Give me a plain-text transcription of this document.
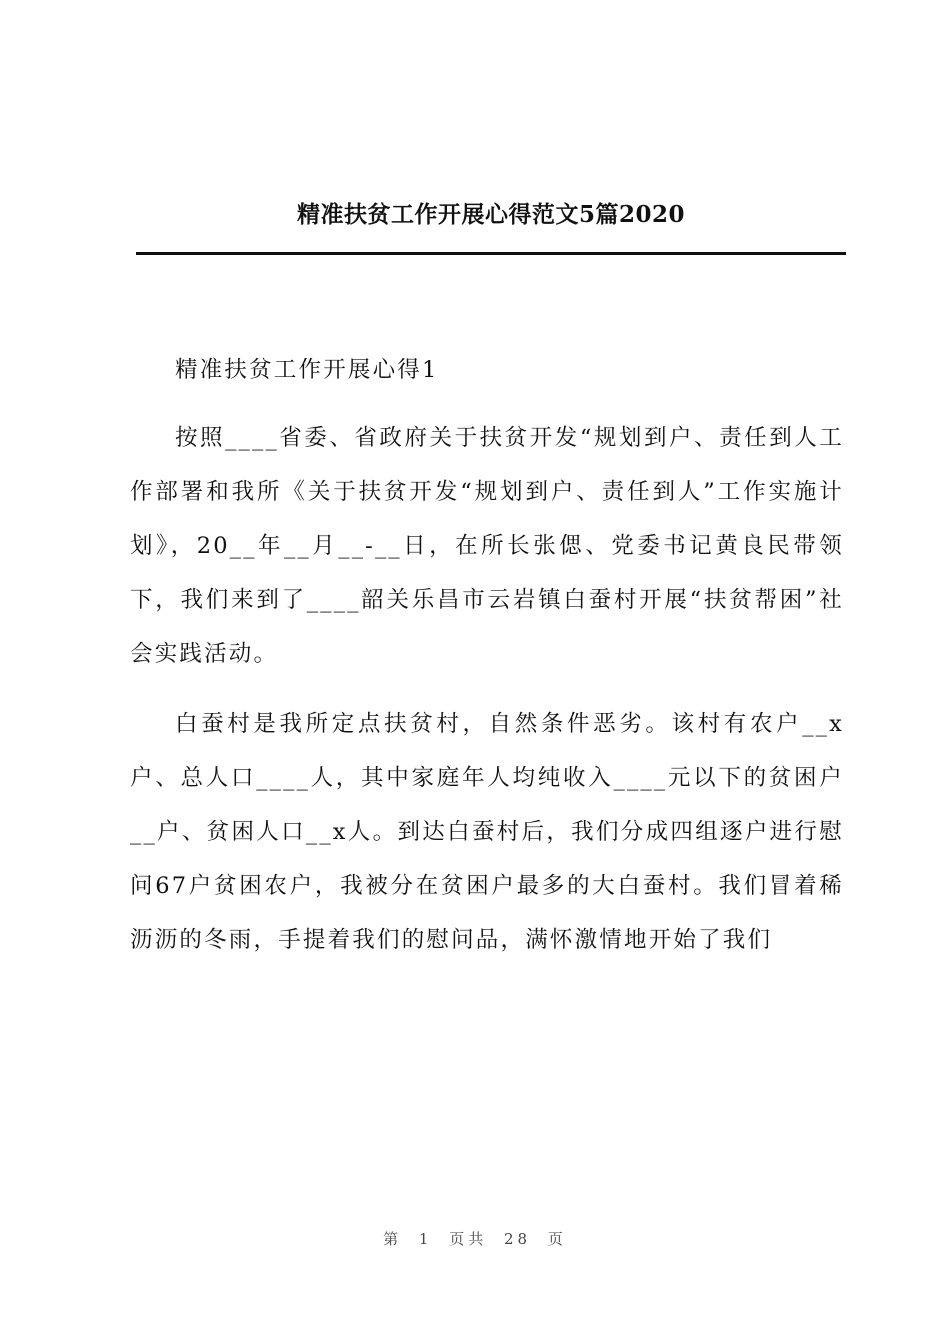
精准扶贫工作开展心得范文5篇2020

精准扶贫工作开展心得1

按照____省委、省政府关于扶贫开发“规划到户、责任到人工作部署和我所《关于扶贫开发“规划到户、责任到人”工作实施计划》，20__年__月__-__日，在所长张偲、党委书记黄良民带领下，我们来到了____韶关乐昌市云岩镇白蚕村开展“扶贫帮困”社会实践活动。

白蚕村是我所定点扶贫村，自然条件恶劣。该村有农户__x户、总人口____人，其中家庭年人均纯收入____元以下的贫困户__户、贫困人口__x人。到达白蚕村后，我们分成四组逐户进行慰问67户贫困农户，我被分在贫困户最多的大白蚕村。我们冒着稀沥沥的冬雨，手提着我们的慰问品，满怀激情地开始了我们

第 1 页共 28 页
